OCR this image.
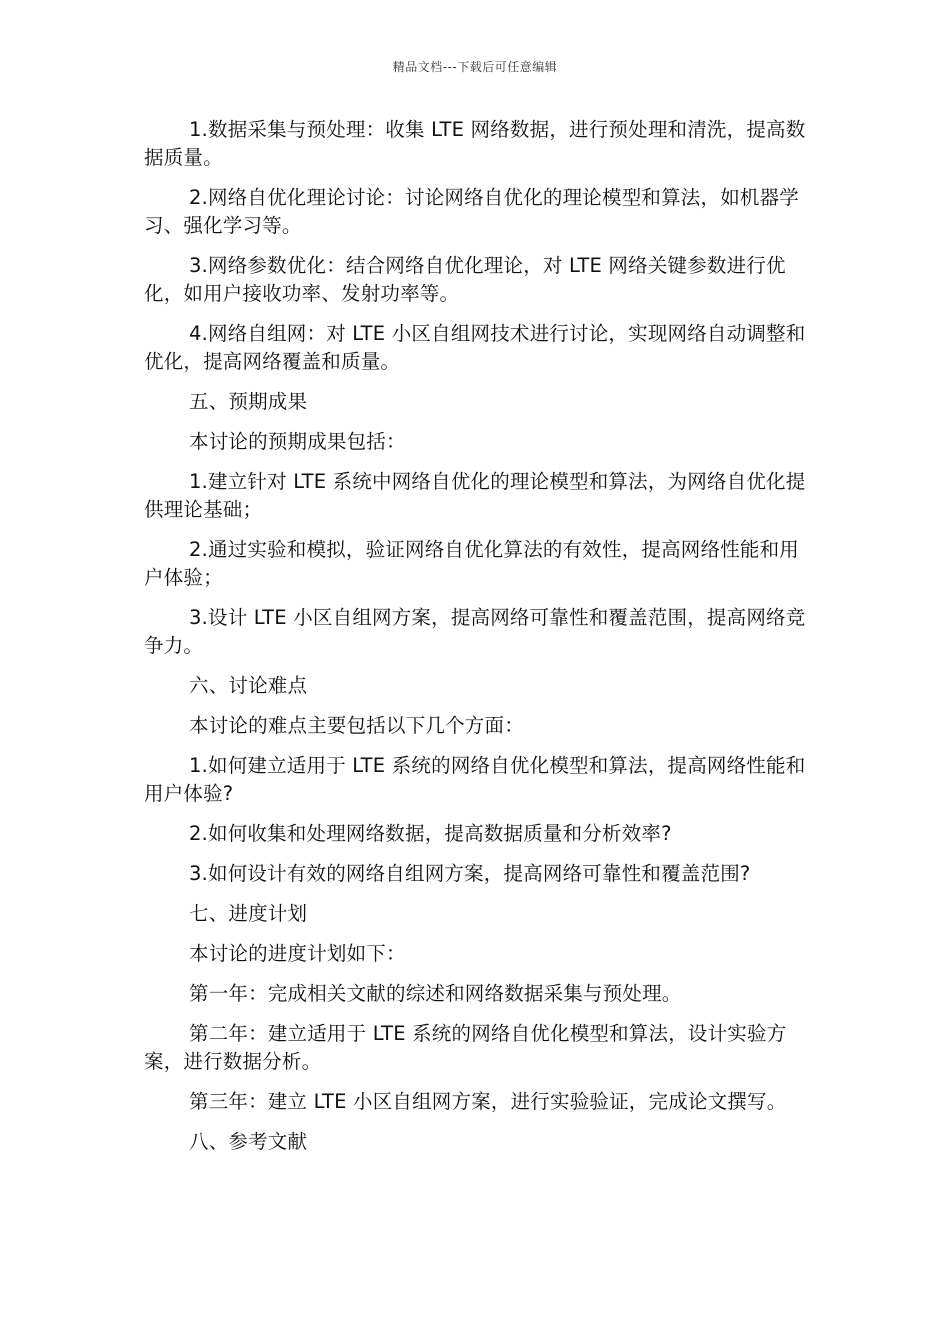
精品文档---下载后可任意编辑

1.数据采集与预处理：收集 LTE 网络数据，进行预处理和清洗，提高数据质量。

2.网络自优化理论讨论：讨论网络自优化的理论模型和算法，如机器学习、强化学习等。

3.网络参数优化：结合网络自优化理论，对 LTE 网络关键参数进行优化，如用户接收功率、发射功率等。

4.网络自组网：对 LTE 小区自组网技术进行讨论，实现网络自动调整和优化，提高网络覆盖和质量。

五、预期成果

本讨论的预期成果包括：

1.建立针对 LTE 系统中网络自优化的理论模型和算法，为网络自优化提供理论基础；

2.通过实验和模拟，验证网络自优化算法的有效性，提高网络性能和用户体验；

3.设计 LTE 小区自组网方案，提高网络可靠性和覆盖范围，提高网络竞争力。

六、讨论难点

本讨论的难点主要包括以下几个方面：

1.如何建立适用于 LTE 系统的网络自优化模型和算法，提高网络性能和用户体验?

2.如何收集和处理网络数据，提高数据质量和分析效率?

3.如何设计有效的网络自组网方案，提高网络可靠性和覆盖范围?

七、进度计划

本讨论的进度计划如下：

第一年：完成相关文献的综述和网络数据采集与预处理。

第二年：建立适用于 LTE 系统的网络自优化模型和算法，设计实验方案，进行数据分析。

第三年：建立 LTE 小区自组网方案，进行实验验证，完成论文撰写。

八、参考文献
